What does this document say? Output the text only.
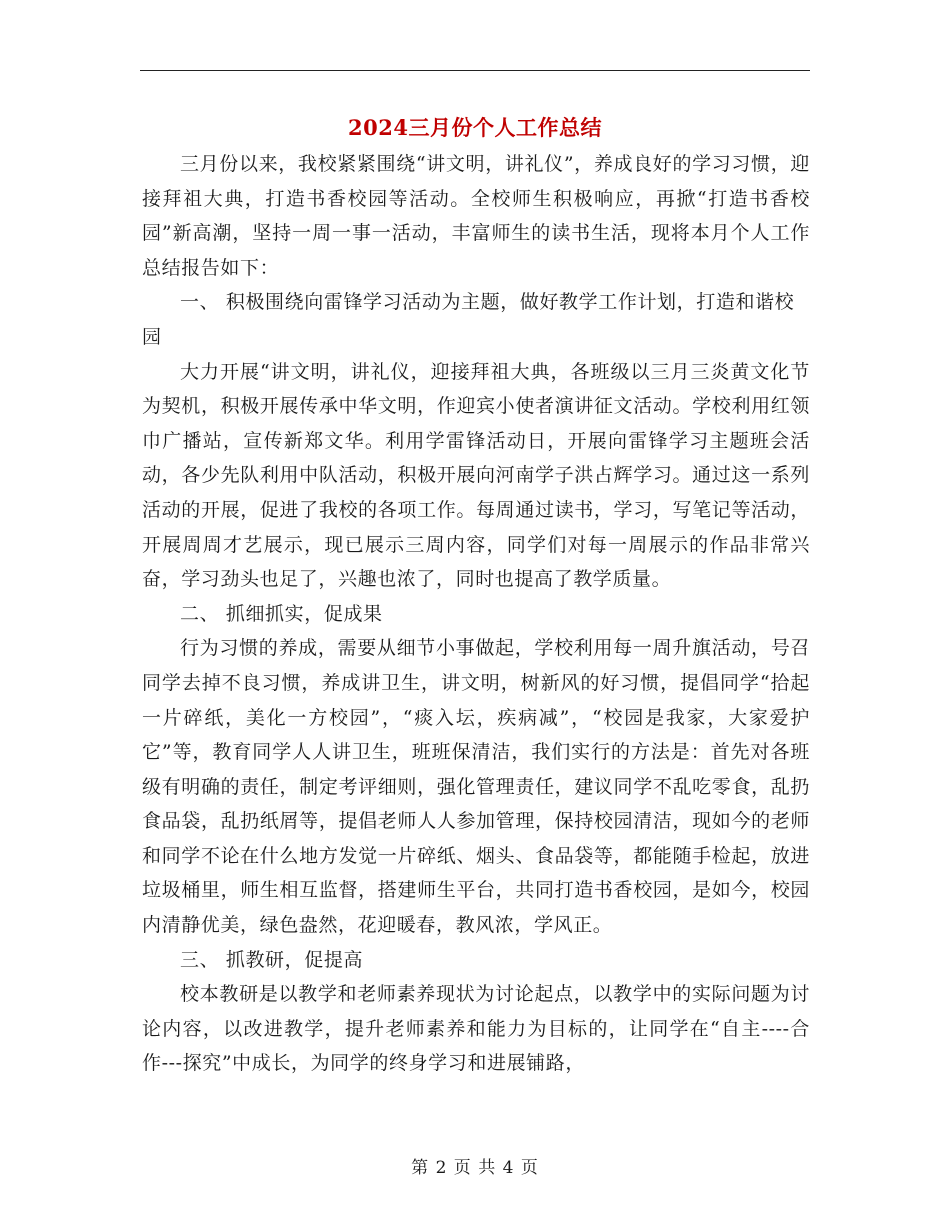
2024三月份个人工作总结

三月份以来，我校紧紧围绕“讲文明，讲礼仪”，养成良好的学习习惯，迎接拜祖大典，打造书香校园等活动。全校师生积极响应，再掀“打造书香校园”新高潮，坚持一周一事一活动，丰富师生的读书生活，现将本月个人工作总结报告如下：

一、 积极围绕向雷锋学习活动为主题，做好教学工作计划，打造和谐校园

大力开展“讲文明，讲礼仪，迎接拜祖大典，各班级以三月三炎黄文化节为契机，积极开展传承中华文明，作迎宾小使者演讲征文活动。学校利用红领巾广播站，宣传新郑文华。利用学雷锋活动日，开展向雷锋学习主题班会活动，各少先队利用中队活动，积极开展向河南学子洪占辉学习。通过这一系列 活动的开展，促进了我校的各项工作。每周通过读书，学习，写笔记等活动，开展周周才艺展示，现已展示三周内容，同学们对每一周展示的作品非常兴奋，学习劲头也足了，兴趣也浓了，同时也提高了教学质量。

二、 抓细抓实，促成果

行为习惯的养成，需要从细节小事做起，学校利用每一周升旗活动，号召同学去掉不良习惯，养成讲卫生，讲文明，树新风的好习惯，提倡同学“拾起一片碎纸，美化一方校园”，“痰入坛，疾病减”，“校园是我家，大家爱护它”等，教育同学人人讲卫生，班班保清洁，我们实行的方法是：首先对各班级有明确的责任，制定考评细则，强化管理责任，建议同学不乱吃零食，乱扔食品袋，乱扔纸屑等，提倡老师人人参加管理，保持校园清洁，现如今的老师和同学不论在什么地方发觉一片碎纸、烟头、食品袋等，都能随手检起，放进垃圾桶里，师生相互监督，搭建师生平台，共同打造书香校园，是如今，校园内清静优美，绿色盎然，花迎暖春，教风浓，学风正。

三、 抓教研，促提高

校本教研是以教学和老师素养现状为讨论起点，以教学中的实际问题为讨论内容，以改进教学，提升老师素养和能力为目标的，让同学在“自主----合作---探究”中成长，为同学的终身学习和进展铺路，

第 2 页 共 4 页
